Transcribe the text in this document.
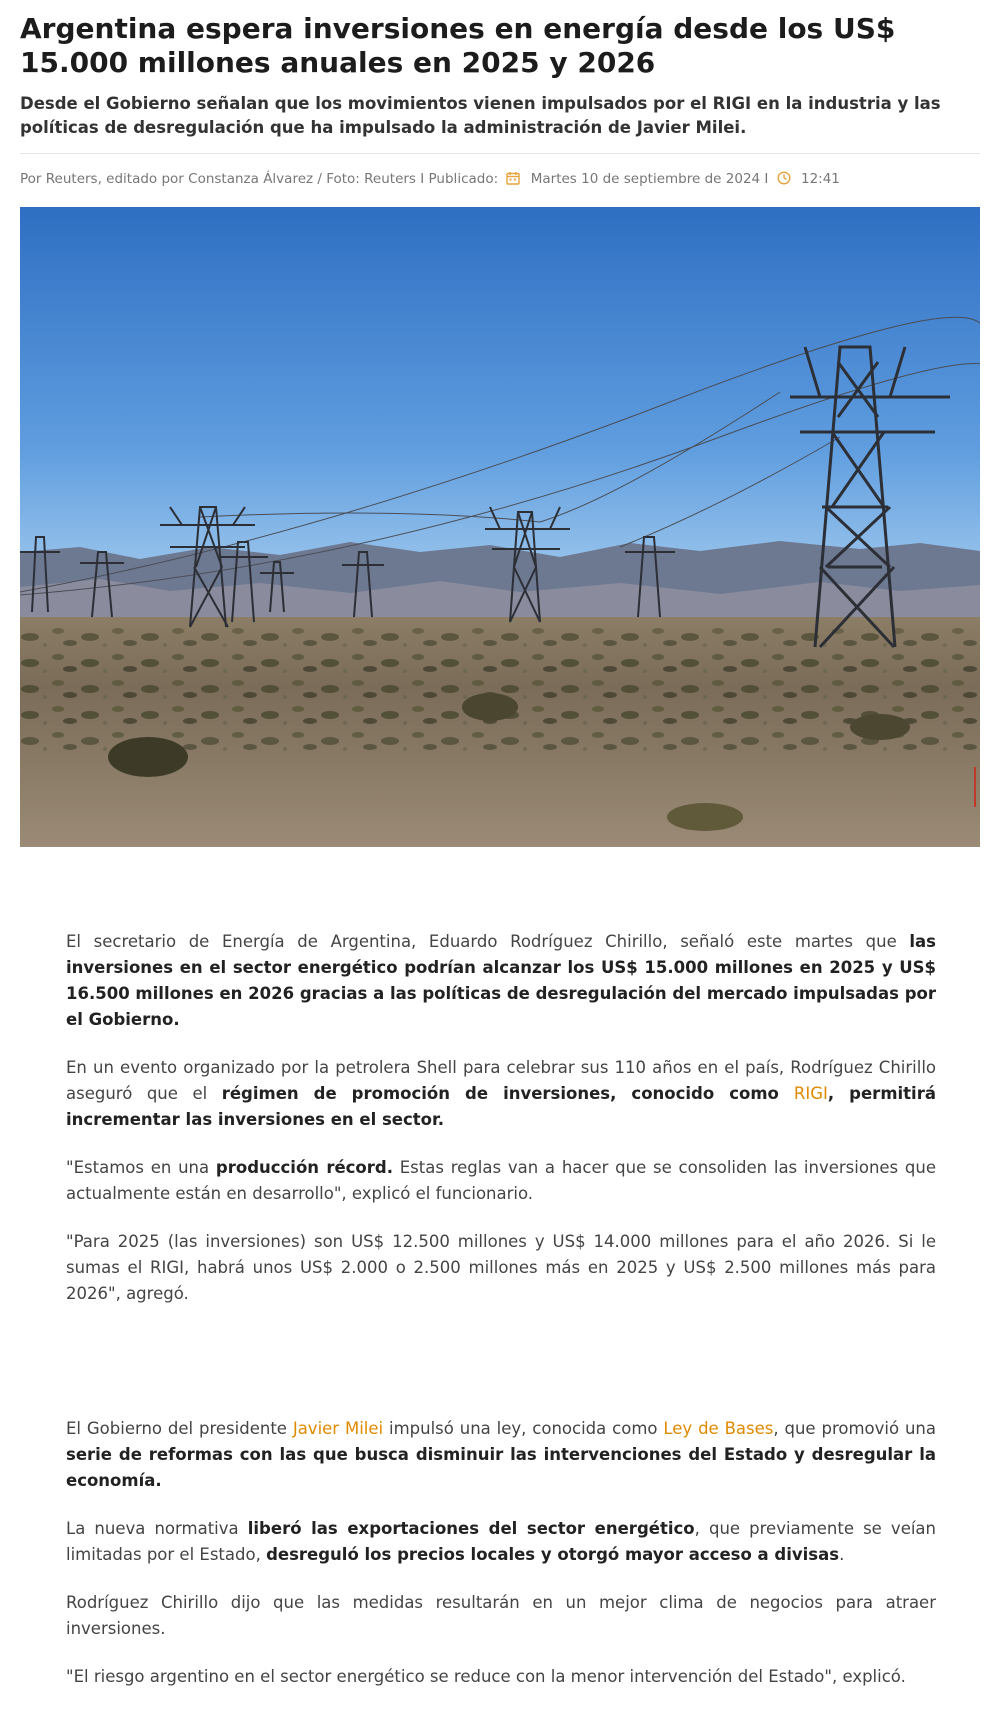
Argentina espera inversiones en energía desde los US$ 15.000 millones anuales en 2025 y 2026

Desde el Gobierno señalan que los movimientos vienen impulsados por el RIGI en la industria y las políticas de desregulación que ha impulsado la administración de Javier Milei.

Por Reuters, editado por Constanza Álvarez / Foto: Reuters I Publicado: Martes 10 de septiembre de 2024 I 12:41

El secretario de Energía de Argentina, Eduardo Rodríguez Chirillo, señaló este martes que las inversiones en el sector energético podrían alcanzar los US$ 15.000 millones en 2025 y US$ 16.500 millones en 2026 gracias a las políticas de desregulación del mercado impulsadas por el Gobierno.

En un evento organizado por la petrolera Shell para celebrar sus 110 años en el país, Rodríguez Chirillo aseguró que el régimen de promoción de inversiones, conocido como RIGI, permitirá incrementar las inversiones en el sector.

"Estamos en una producción récord. Estas reglas van a hacer que se consoliden las inversiones que actualmente están en desarrollo", explicó el funcionario.

"Para 2025 (las inversiones) son US$ 12.500 millones y US$ 14.000 millones para el año 2026. Si le sumas el RIGI, habrá unos US$ 2.000 o 2.500 millones más en 2025 y US$ 2.500 millones más para 2026", agregó.

El Gobierno del presidente Javier Milei impulsó una ley, conocida como Ley de Bases, que promovió una serie de reformas con las que busca disminuir las intervenciones del Estado y desregular la economía.

La nueva normativa liberó las exportaciones del sector energético, que previamente se veían limitadas por el Estado, desreguló los precios locales y otorgó mayor acceso a divisas.

Rodríguez Chirillo dijo que las medidas resultarán en un mejor clima de negocios para atraer inversiones.

"El riesgo argentino en el sector energético se reduce con la menor intervención del Estado", explicó.
